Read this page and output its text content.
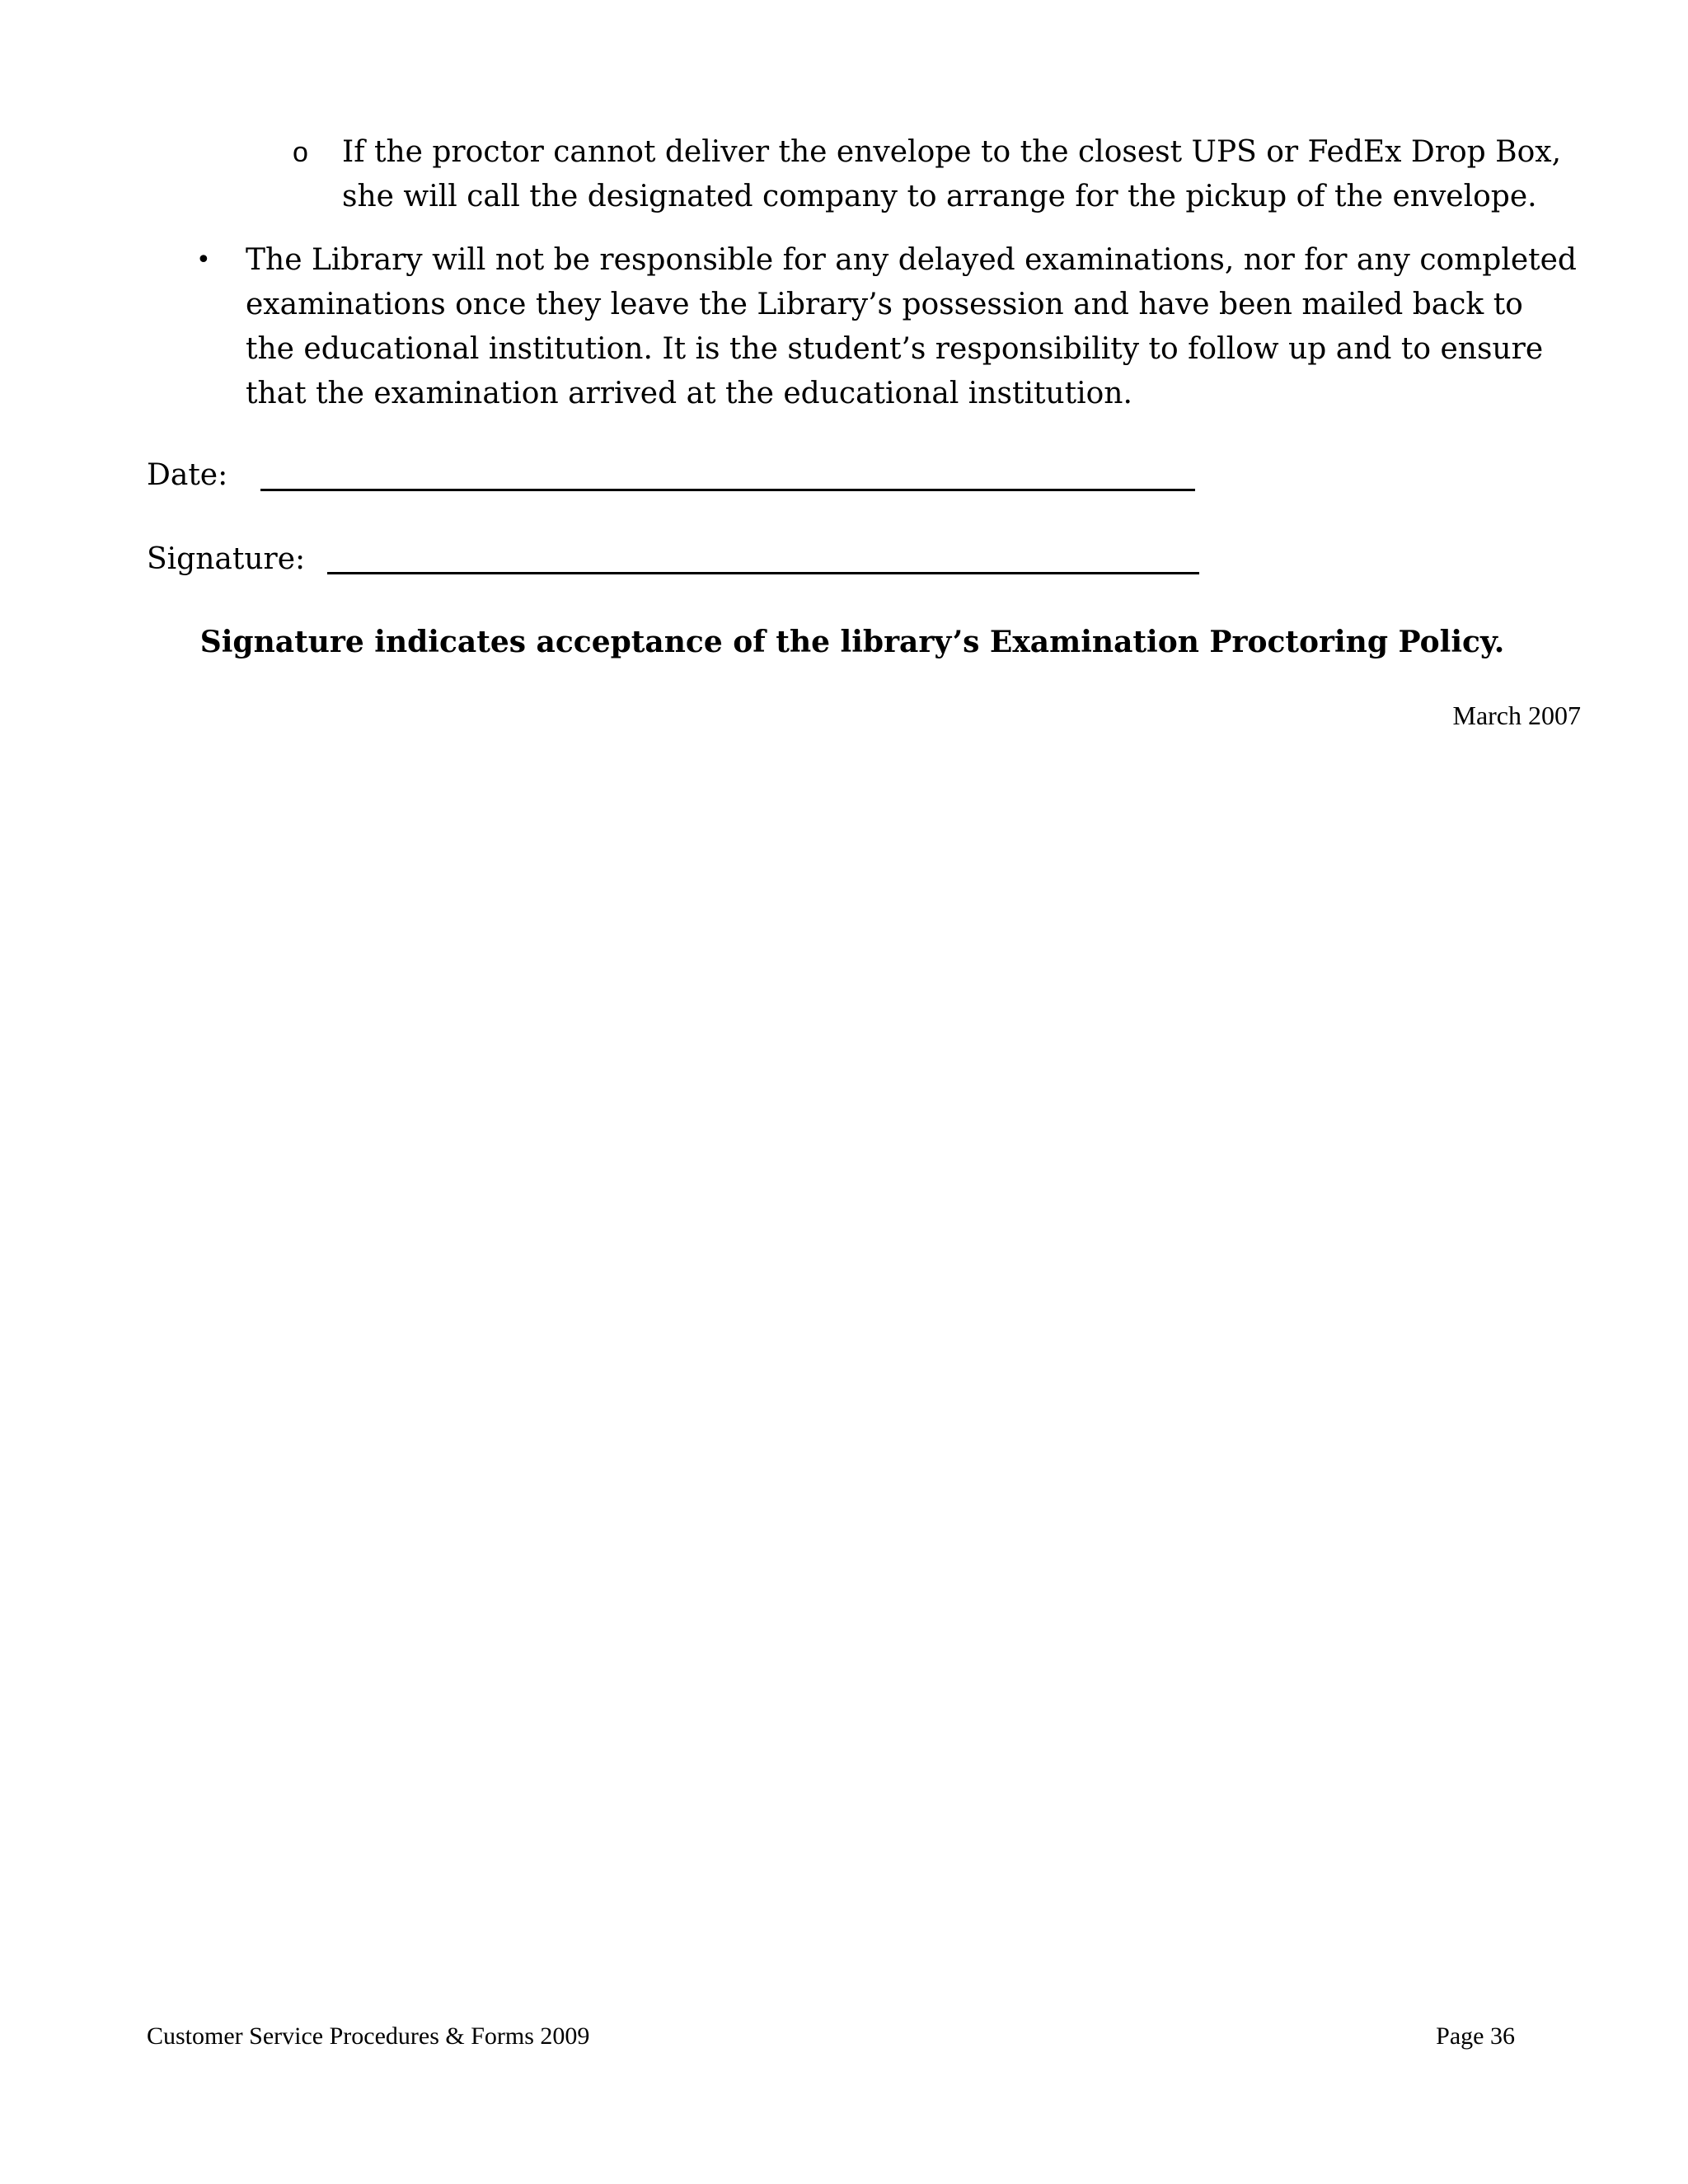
o If the proctor cannot deliver the envelope to the closest UPS or FedEx Drop Box, she will call the designated company to arrange for the pickup of the envelope.
• The Library will not be responsible for any delayed examinations, nor for any completed examinations once they leave the Library’s possession and have been mailed back to the educational institution. It is the student’s responsibility to follow up and to ensure that the examination arrived at the educational institution.
Date:
Signature:
Signature indicates acceptance of the library’s Examination Proctoring Policy.
March 2007
Customer Service Procedures & Forms 2009	Page 36
